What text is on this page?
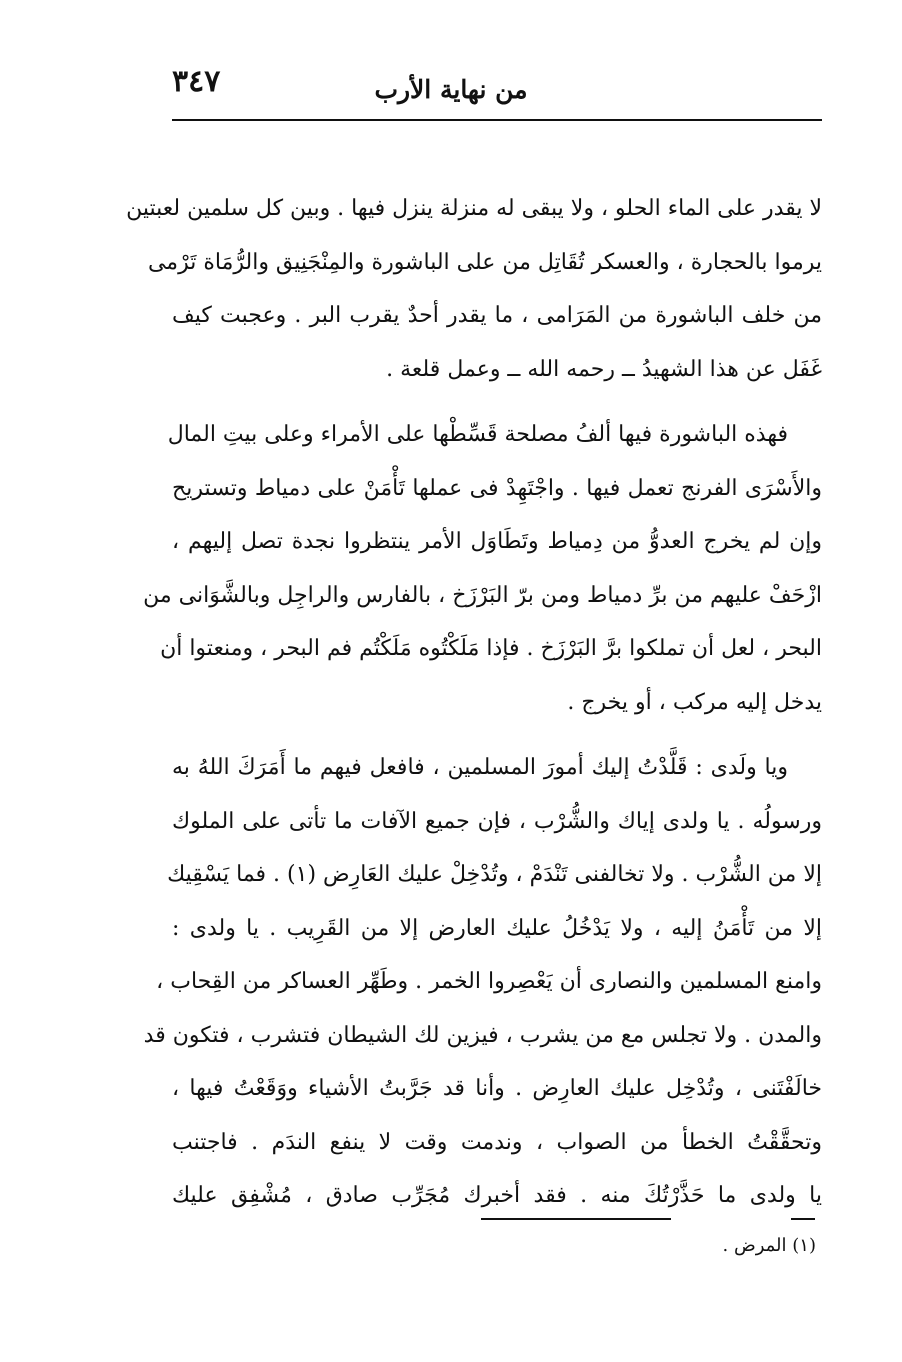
٣٤٧	من نهاية الأرب

لا يقدر على الماء الحلو ، ولا يبقى له منزلة ينزل فيها . وبين كل سلمين لعبتين
يرموا بالحجارة ، والعسكر تُقَاتِل من على الباشورة والمِنْجَنِيق والرُّمَاة تَرْمى
من خلف الباشورة من المَرَامى ، ما يقدر أحدٌ يقرب البر . وعجبت كيف
غَفَل عن هذا الشهيدُ ــ رحمه الله ــ وعمل قلعة .

فهذه الباشورة فيها ألفُ مصلحة قَسِّطْها على الأمراء وعلى بيتِ المال
والأَسْرَى الفرنج تعمل فيها . واجْتَهِدْ فى عملها تَأْمَنْ على دمياط وتستريح
وإن لم يخرج العدوُّ من دِمياط وتَطَاوَل الأمر ينتظروا نجدة تصل إليهم ،
ازْحَفْ عليهم من برِّ دمياط ومن برّ البَرْزَخ ، بالفارس والراجِل وبالشَّوَانى من
البحر ، لعل أن تملكوا برَّ البَرْزَخ . فإذا مَلَكْتُوه مَلَكْتُم فم البحر ، ومنعتوا أن
يدخل إليه مركب ، أو يخرج .

ويا ولَدى : قَلَّدْتُ إليك أمورَ المسلمين ، فافعل فيهم ما أَمَرَكَ اللهُ به
ورسولُه . يا ولدى إياك والشُّرْب ، فإن جميع الآفات ما تأتى على الملوك
إلا من الشُّرْب . ولا تخالفنى تَنْدَمْ ، وتُدْخِلْ عليك العَارِض (١) . فما يَسْقِيك
إلا من تَأْمَنُ إليه ، ولا يَدْخُلُ عليك العارض إلا من القَرِيب . يا ولدى :
وامنع المسلمين والنصارى أن يَعْصِروا الخمر . وطَهِّر العساكر من القِحاب ،
والمدن . ولا تجلس مع من يشرب ، فيزين لك الشيطان فتشرب ، فتكون قد
خالَفْتَنى ، وتُدْخِل عليك العارِض . وأنا قد جَرَّبتُ الأشياء ووَقَعْتُ فيها ،
وتحقَّقْتُ الخطأ من الصواب ، وندمت وقت لا ينفع الندَم . فاجتنب
يا ولدى ما حَذَّرْتُكَ منه . فقد أخبرك مُجَرِّب صادق ، مُشْفِق عليك

(١) المرض .
